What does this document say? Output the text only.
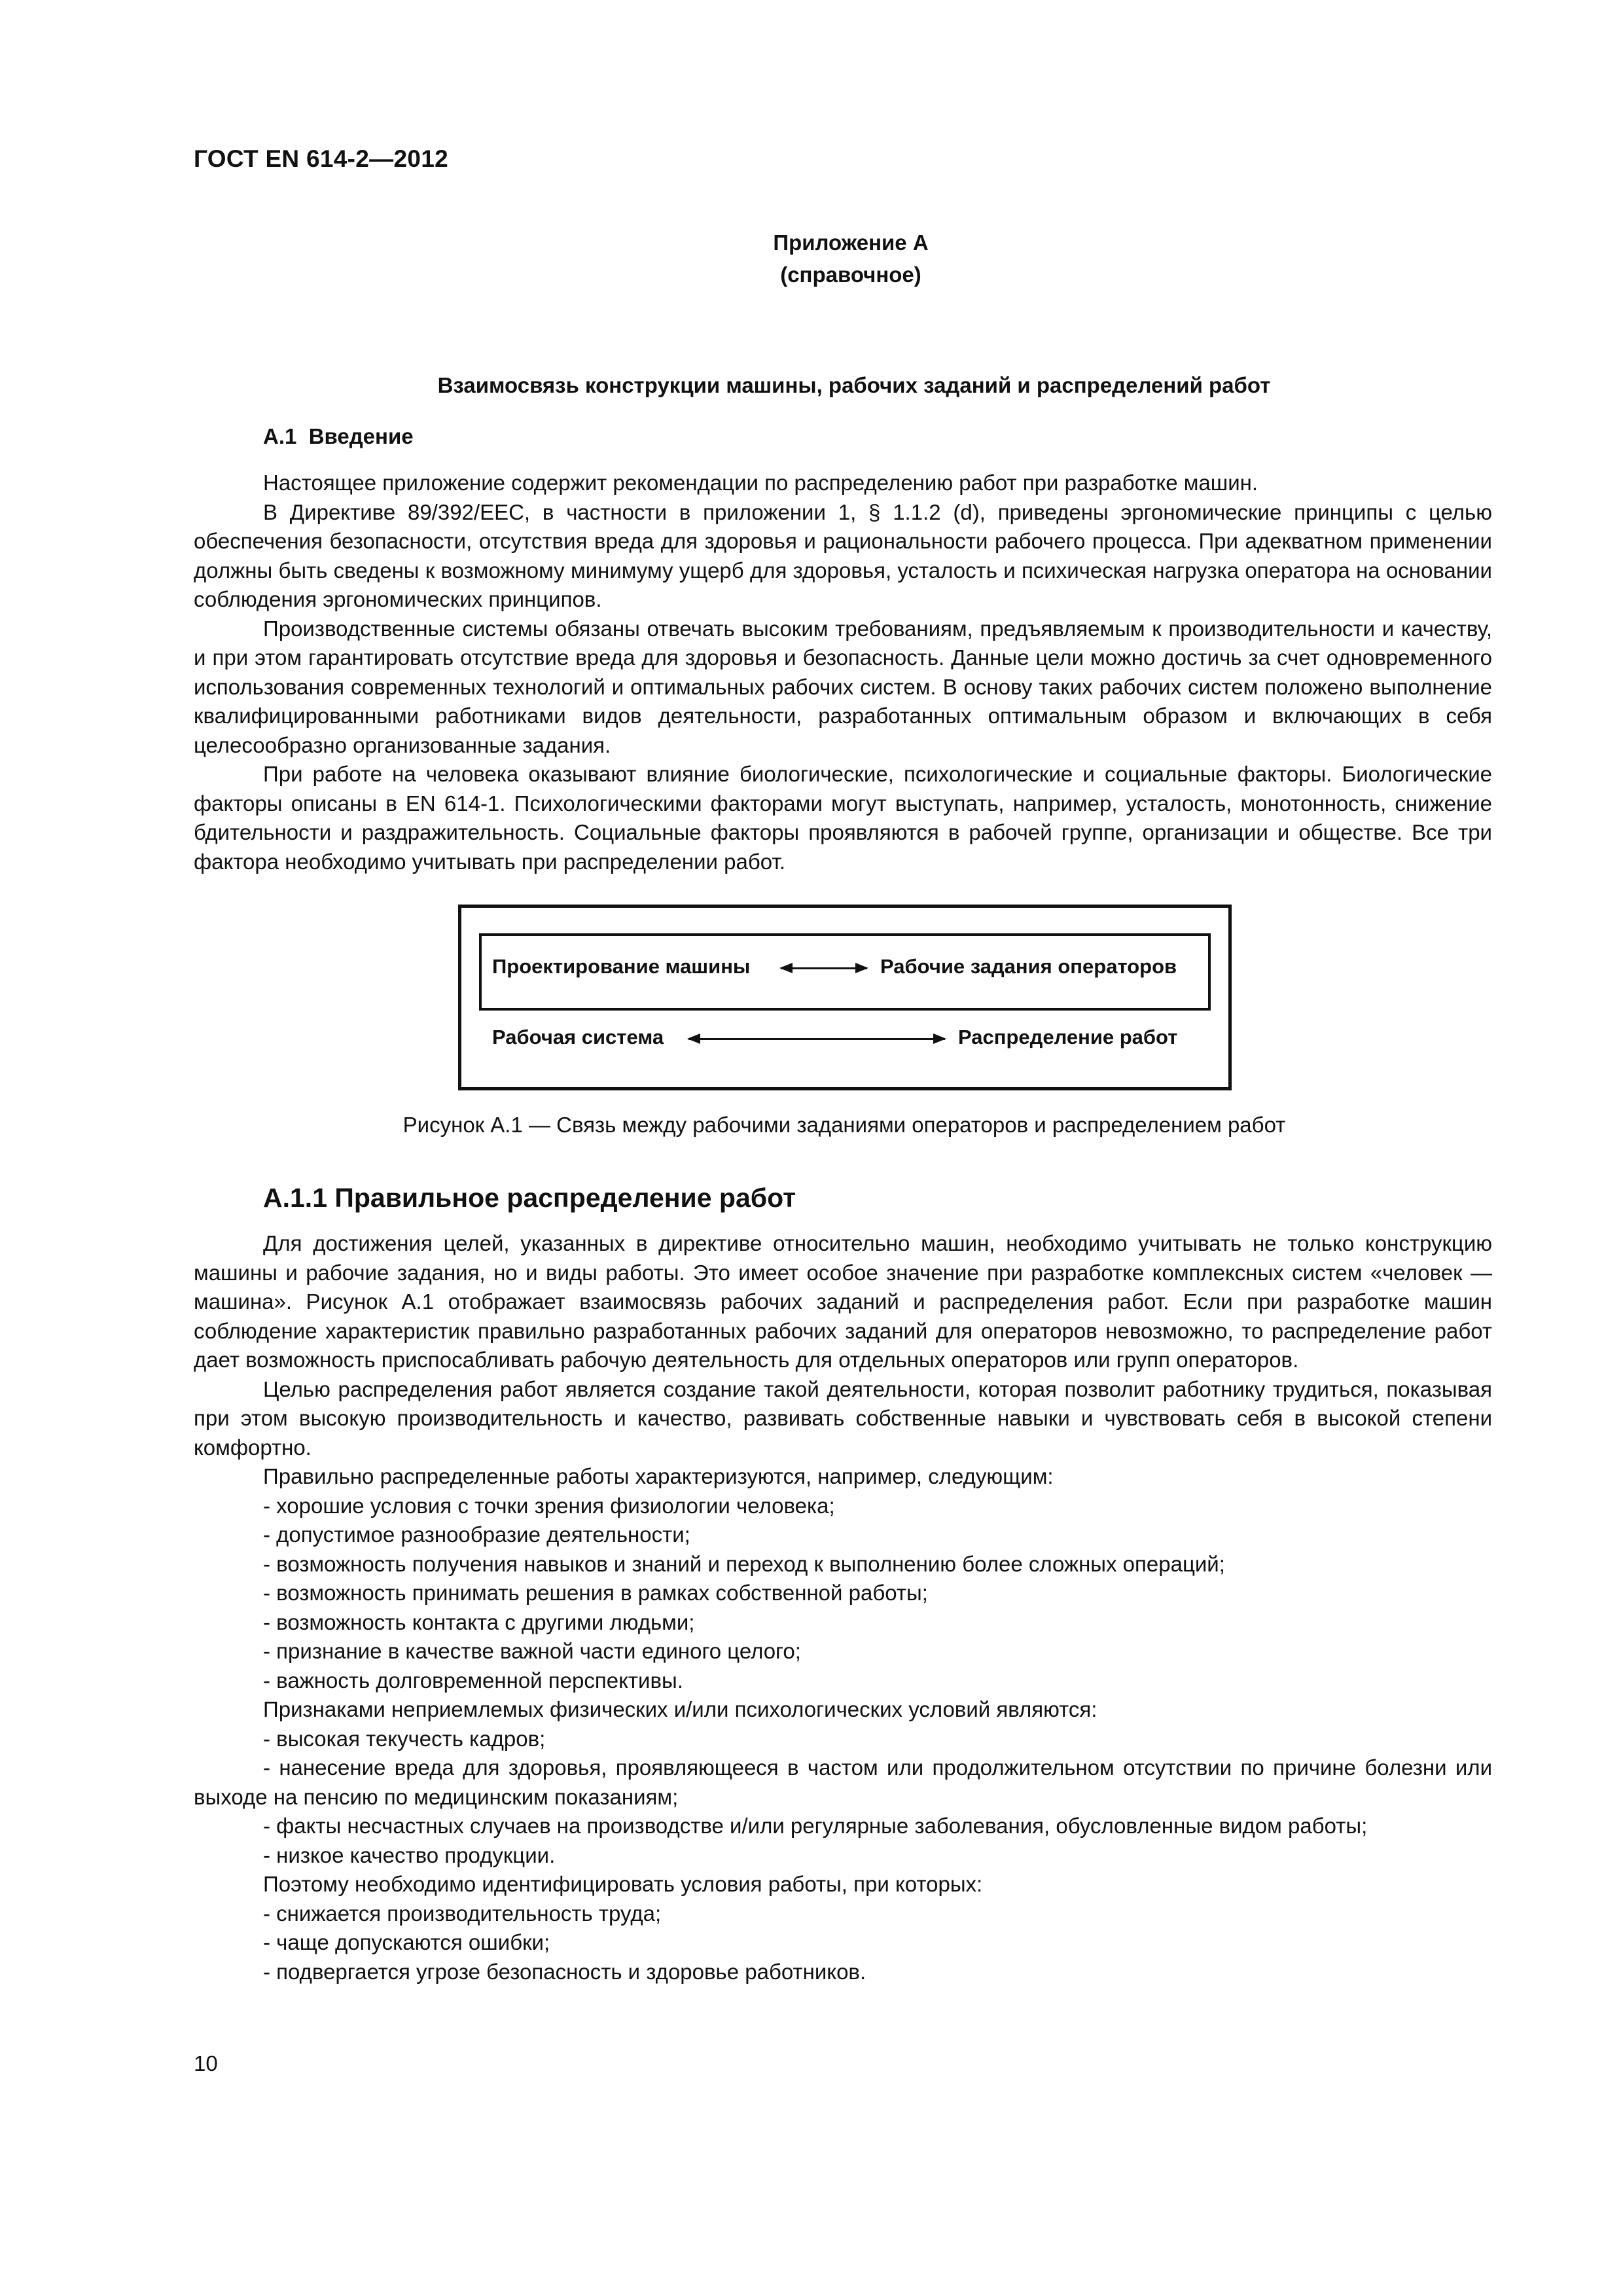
ГОСТ EN 614-2—2012
Приложение А
(справочное)
Взаимосвязь конструкции машины, рабочих заданий и распределений работ
А.1 Введение

Настоящее приложение содержит рекомендации по распределению работ при разработке машин.

В Директиве 89/392/ЕЕС, в частности в приложении 1, § 1.1.2 (d), приведены эргономические принципы с целью обеспечения безопасности, отсутствия вреда для здоровья и рациональности рабочего процесса. При адекватном применении должны быть сведены к возможному минимуму ущерб для здоровья, усталость и психическая нагрузка оператора на основании соблюдения эргономических принципов.

Производственные системы обязаны отвечать высоким требованиям, предъявляемым к производительности и качеству, и при этом гарантировать отсутствие вреда для здоровья и безопасность. Данные цели можно достичь за счет одновременного использования современных технологий и оптимальных рабочих систем. В основу таких рабочих систем положено выполнение квалифицированными работниками видов деятельности, разработанных оптимальным образом и включающих в себя целесообразно организованные задания.

При работе на человека оказывают влияние биологические, психологические и социальные факторы. Биологические факторы описаны в EN 614-1. Психологическими факторами могут выступать, например, усталость, монотонность, снижение бдительности и раздражительность. Социальные факторы проявляются в рабочей группе, организации и обществе. Все три фактора необходимо учитывать при распределении работ.

Проектирование машины	Рабочие задания операторов
Рабочая система	Распределение работ
Рисунок А.1 — Связь между рабочими заданиями операторов и распределением работ
А.1.1 Правильное распределение работ

Для достижения целей, указанных в директиве относительно машин, необходимо учитывать не только конструкцию машины и рабочие задания, но и виды работы. Это имеет особое значение при разработке комплексных систем «человек — машина». Рисунок А.1 отображает взаимосвязь рабочих заданий и распределения работ. Если при разработке машин соблюдение характеристик правильно разработанных рабочих заданий для операторов невозможно, то распределение работ дает возможность приспосабливать рабочую деятельность для отдельных операторов или групп операторов.

Целью распределения работ является создание такой деятельности, которая позволит работнику трудиться, показывая при этом высокую производительность и качество, развивать собственные навыки и чувствовать себя в высокой степени комфортно.

Правильно распределенные работы характеризуются, например, следующим:

- хорошие условия с точки зрения физиологии человека;

- допустимое разнообразие деятельности;

- возможность получения навыков и знаний и переход к выполнению более сложных операций;

- возможность принимать решения в рамках собственной работы;

- возможность контакта с другими людьми;

- признание в качестве важной части единого целого;

- важность долговременной перспективы.

Признаками неприемлемых физических и/или психологических условий являются:

- высокая текучесть кадров;

- нанесение вреда для здоровья, проявляющееся в частом или продолжительном отсутствии по причине болезни или выходе на пенсию по медицинским показаниям;

- факты несчастных случаев на производстве и/или регулярные заболевания, обусловленные видом работы;

- низкое качество продукции.

Поэтому необходимо идентифицировать условия работы, при которых:

- снижается производительность труда;

- чаще допускаются ошибки;

- подвергается угрозе безопасность и здоровье работников.

10
